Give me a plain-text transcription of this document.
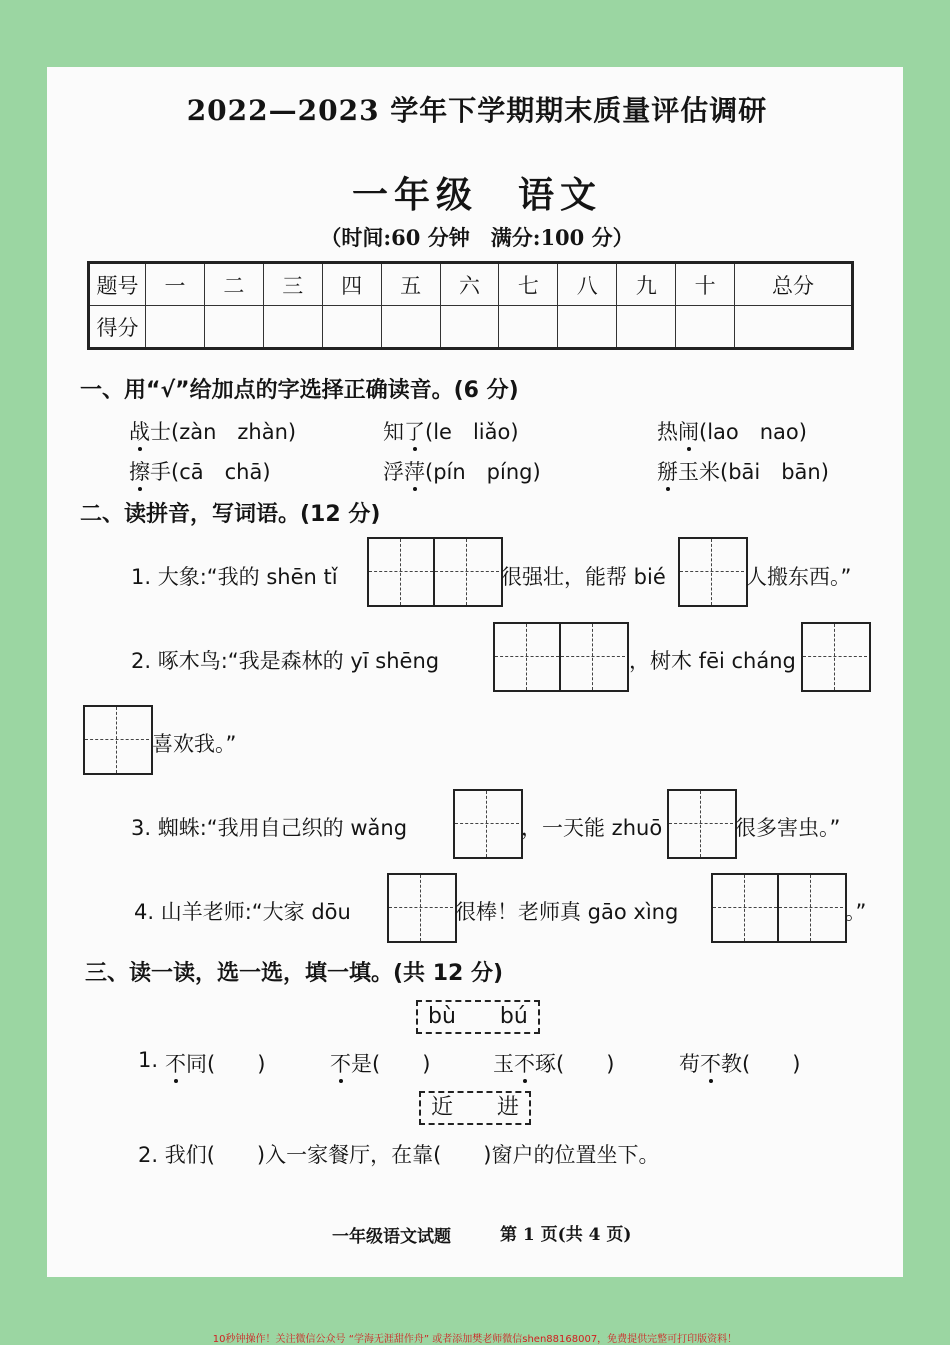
2022—2023 学年下学期期末质量评估调研
一年级 语文
（时间:60 分钟　满分:100 分）
题号	一	二	三	四	五	六	七	八	九	十	总分
得分											
一、用“√”给加点的字选择正确读音。(6 分)
战士(zàn　zhàn)	知了(le　liǎo)	热闹(lao　nao)
擦手(cā　chā)	浮萍(pín　píng)	掰玉米(bāi　bān)
二、读拼音，写词语。(12 分)
1. 大象:“我的 shēn tǐ	很强壮，能帮 bié	人搬东西。”
2. 啄木鸟:“我是森林的 yī shēng	，树木 fēi cháng
喜欢我。”
3. 蜘蛛:“我用自己织的 wǎng	，一天能 zhuō	很多害虫。”
4. 山羊老师:“大家 dōu	很棒！老师真 gāo xìng	。”
三、读一读，选一选，填一填。(共 12 分)
bù　　bú
1. 不同(　　)	不是(　　)	玉不琢(　　)	苟不教(　　)
近　　进
2. 我们(　　)入一家餐厅，在靠(　　)窗户的位置坐下。
一年级语文试题	第 1 页(共 4 页)
10秒钟操作！关注微信公众号 “学海无涯甜作舟” 或者添加樊老师微信shen88168007，免费提供完整可打印版资料！
